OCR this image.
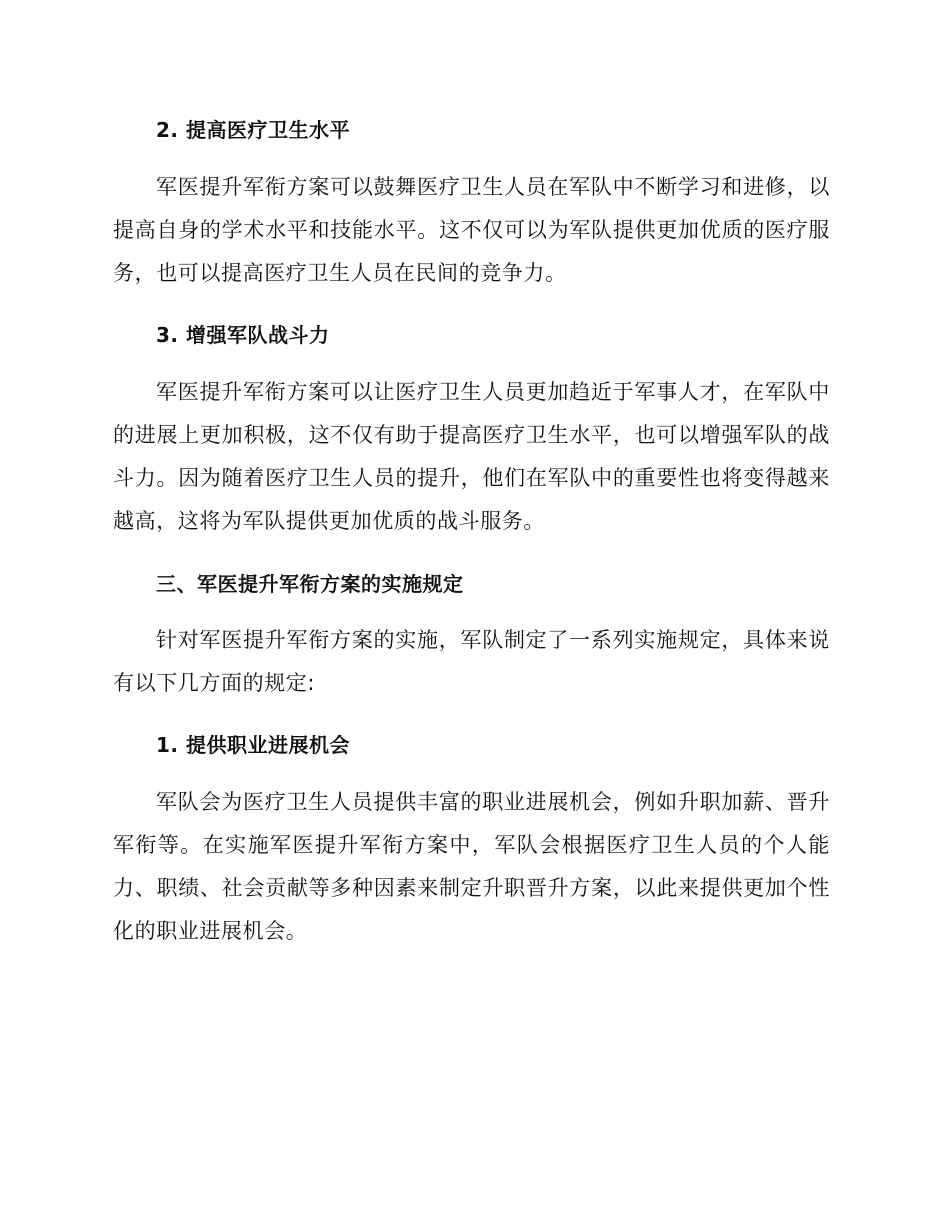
2. 提高医疗卫生水平

军医提升军衔方案可以鼓舞医疗卫生人员在军队中不断学习和进修，以提高自身的学术水平和技能水平。这不仅可以为军队提供更加优质的医疗服务，也可以提高医疗卫生人员在民间的竞争力。

3. 增强军队战斗力

军医提升军衔方案可以让医疗卫生人员更加趋近于军事人才，在军队中的进展上更加积极，这不仅有助于提高医疗卫生水平，也可以增强军队的战斗力。因为随着医疗卫生人员的提升，他们在军队中的重要性也将变得越来越高，这将为军队提供更加优质的战斗服务。

三、军医提升军衔方案的实施规定

针对军医提升军衔方案的实施，军队制定了一系列实施规定，具体来说有以下几方面的规定:

1. 提供职业进展机会

军队会为医疗卫生人员提供丰富的职业进展机会，例如升职加薪、晋升军衔等。在实施军医提升军衔方案中，军队会根据医疗卫生人员的个人能力、职绩、社会贡献等多种因素来制定升职晋升方案，以此来提供更加个性化的职业进展机会。
